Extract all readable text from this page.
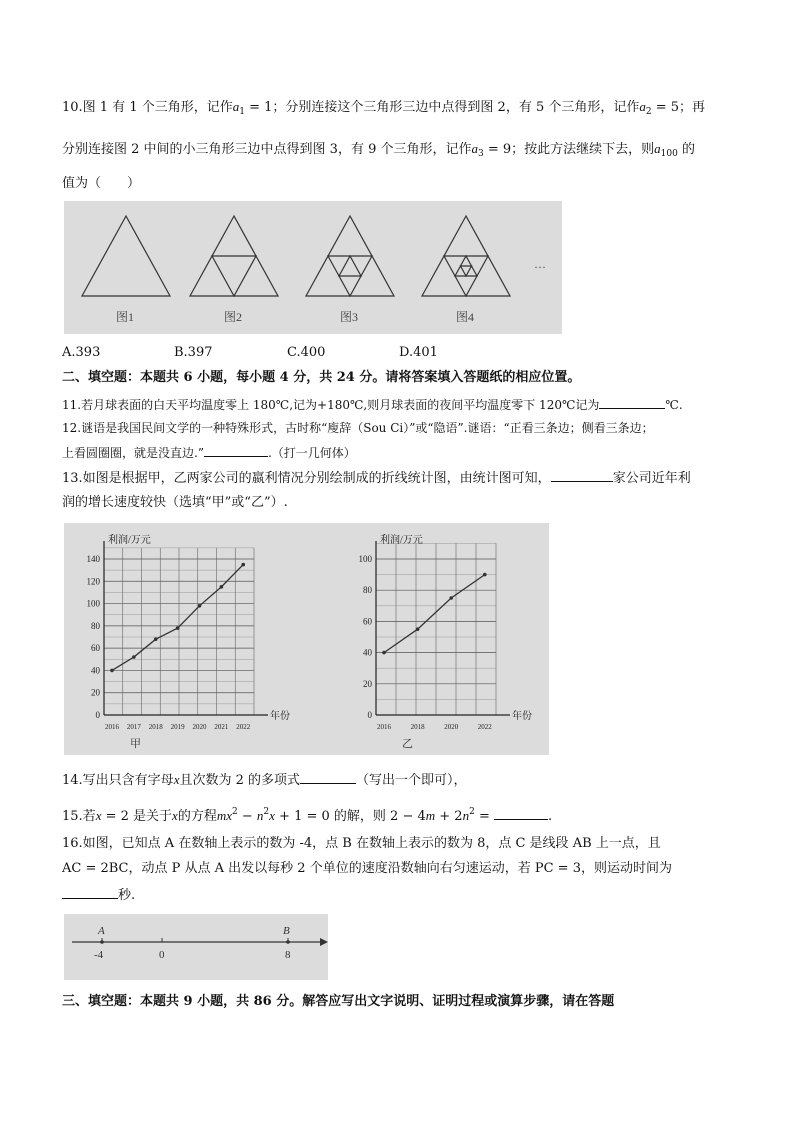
10.图 1 有 1 个三角形，记作$a_1 = 1$；分别连接这个三角形三边中点得到图 2，有 5 个三角形，记作$a_2 = 5$；再
分别连接图 2 中间的小三角形三边中点得到图 3，有 9 个三角形，记作$a_3 = 9$；按此方法继续下去，则$a_{100}$ 的
值为（　　）
图1	图2	图3	图4
···
A.393	B.397	C.400	D.401
二、填空题：本题共 6 小题，每小题 4 分，共 24 分。请将答案填入答题纸的相应位置。
11.若月球表面的白天平均温度零上 180℃,记为+180℃,则月球表面的夜间平均温度零下 120℃记为	℃.
12.谜语是我国民间文学的一种特殊形式，古时称“廋辞（Sou Ci）”或“隐语”.谜语：“正看三条边；侧看三条边；
上看圆圈圈，就是没直边.”	.（打一几何体）
13.如图是根据甲，乙两家公司的嬴利情况分别绘制成的折线统计图，由统计图可知，	家公司近年利
润的增长速度较快（选填“甲”或“乙”）.
0
20
40
60
80
100
120
140
2016 2017 2018 2019 2020 2021 2022
利润/万元
年份
甲
0
20
40
60
80
100
2016	2018	2020	2022
利润/万元
年份
乙
14.写出只含有字母x且次数为 2 的多项式	（写出一个即可），
15.若x = 2 是关于x的方程$mx^2 - n^2x + 1 = 0$ 的解，则 $2 - 4m + 2n^2$ =	.
16.如图，已知点 A 在数轴上表示的数为 -4，点 B 在数轴上表示的数为 8，点 C 是线段 AB 上一点，且
AC = 2BC，动点 P 从点 A 出发以每秒 2 个单位的速度沿数轴向右匀速运动，若 PC = 3，则运动时间为
秒.
A	B
-4	0	8
三、填空题：本题共 9 小题，共 86 分。解答应写出文字说明、证明过程或演算步骤，请在答题
